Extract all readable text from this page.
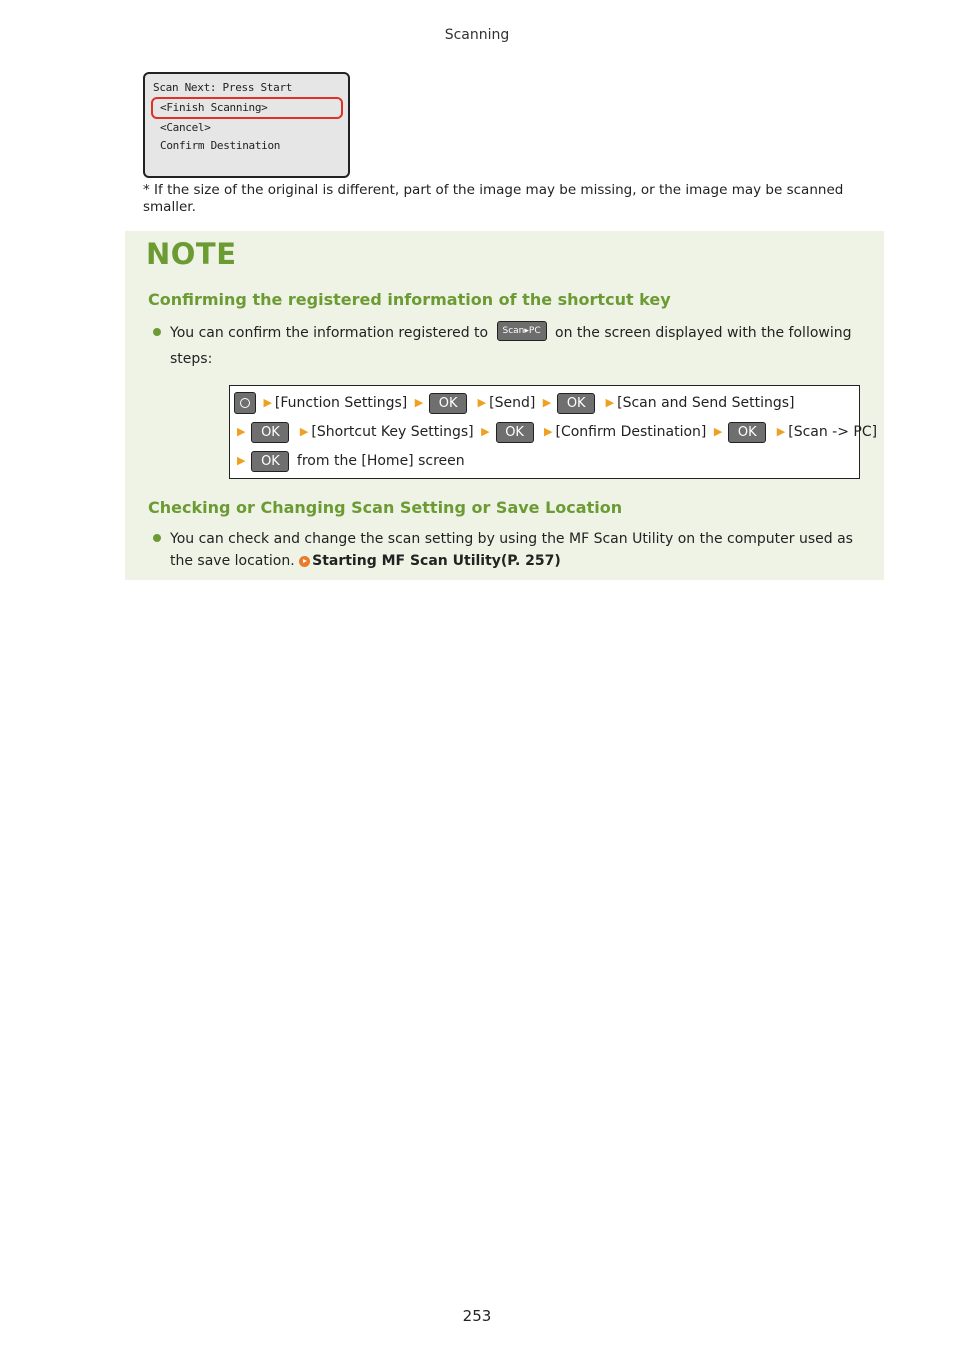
Scanning
Scan Next: Press Start
<Finish Scanning>
<Cancel>
Confirm Destination
* If the size of the original is different, part of the image may be missing, or the image may be scanned smaller.
NOTE
Confirming the registered information of the shortcut key
You can confirm the information registered to Scan▸PC on the screen displayed with the following
steps:
▶ [Function Settings] ▶ OK ▶ [Send] ▶ OK ▶ [Scan and Send Settings]
▶ OK ▶ [Shortcut Key Settings] ▶ OK ▶ [Confirm Destination] ▶ OK ▶ [Scan -> PC]
▶ OK from the [Home] screen
Checking or Changing Scan Setting or Save Location
You can check and change the scan setting by using the MF Scan Utility on the computer used as the save location. Starting MF Scan Utility(P. 257)
253
